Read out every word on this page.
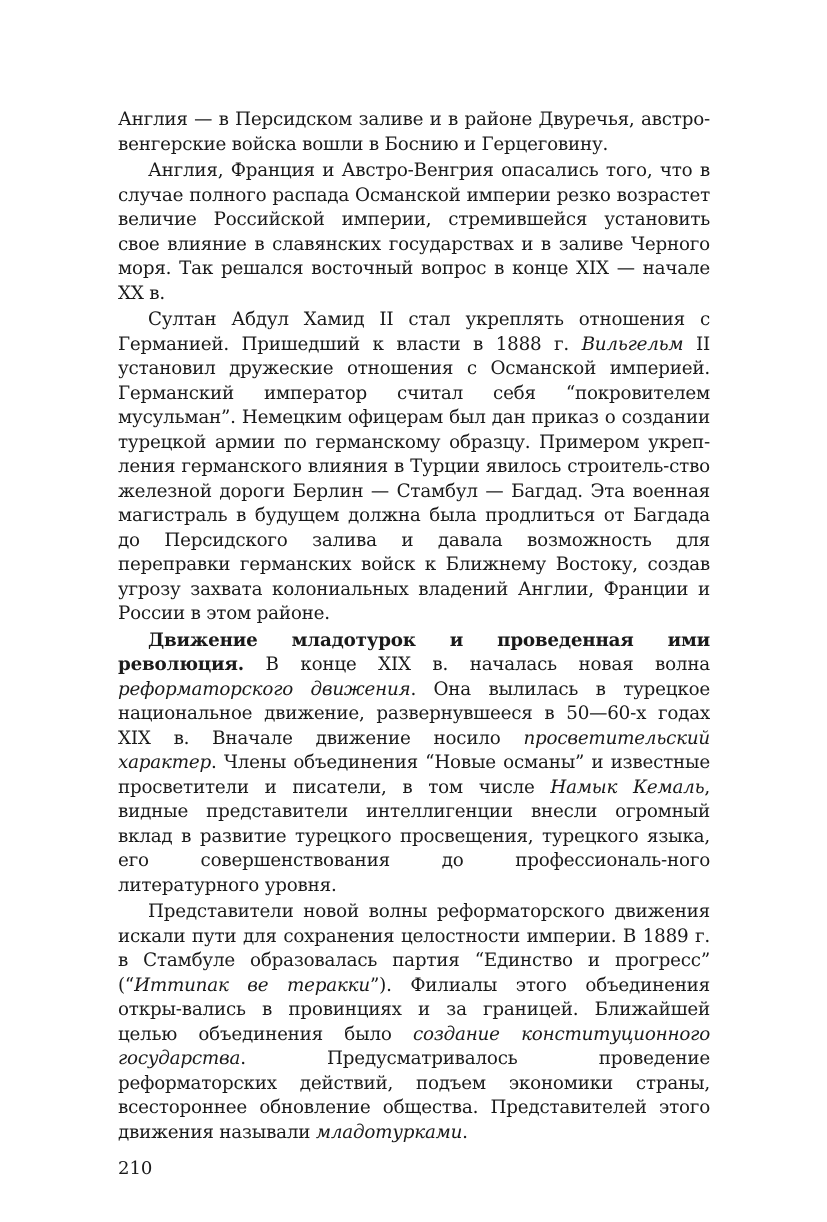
Англия — в Персидском заливе и в районе Двуречья, австро-венгерские войска вошли в Боснию и Герцеговину.

Англия, Франция и Австро-Венгрия опасались того, что в случае полного распада Османской империи резко возрастет величие Российской империи, стремившейся установить свое влияние в славянских государствах и в заливе Черного моря. Так решался восточный вопрос в конце XIX — начале XX в.

Султан Абдул Хамид II стал укреплять отношения с Германией. Пришедший к власти в 1888 г. Вильгельм II установил дружеские отношения с Османской империей. Германский император считал себя “покровителем мусульман”. Немецким офицерам был дан приказ о создании турецкой армии по германскому образцу. Примером укреп-ления германского влияния в Турции явилось строитель-ство железной дороги Берлин — Стамбул — Багдад. Эта военная магистраль в будущем должна была продлиться от Багдада до Персидского залива и давала возможность для переправки германских войск к Ближнему Востоку, создав угрозу захвата колониальных владений Англии, Франции и России в этом районе.

Движение младотурок и проведенная ими революция. В конце XIX в. началась новая волна реформаторского движения. Она вылилась в турецкое национальное движение, развернувшееся в 50—60-х годах XIX в. Вначале движение носило просветительский характер. Члены объединения “Новые османы” и известные просветители и писатели, в том числе Намык Кемаль, видные представители интеллигенции внесли огромный вклад в развитие турецкого просвещения, турецкого языка, его совершенствования до профессиональ-ного литературного уровня.

Представители новой волны реформаторского движения искали пути для сохранения целостности империи. В 1889 г. в Стамбуле образовалась партия “Единство и прогресс” (“Иттипак ве теракки”). Филиалы этого объединения откры-вались в провинциях и за границей. Ближайшей целью объединения было создание конституционного государства. Предусматривалось проведение реформаторских действий, подъем экономики страны, всестороннее обновление общества. Представителей этого движения называли младотурками.

210
